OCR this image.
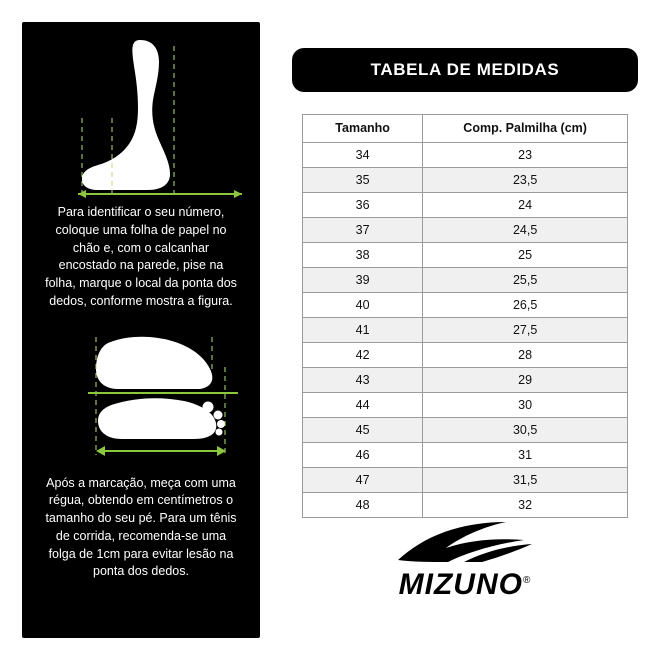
Para identificar o seu número, coloque uma folha de papel no chão e, com o calcanhar encostado na parede, pise na folha, marque o local da ponta dos dedos, conforme mostra a figura.
Após a marcação, meça com uma régua, obtendo em centímetros o tamanho do seu pé. Para um tênis de corrida, recomenda-se uma folga de 1cm para evitar lesão na ponta dos dedos.
TABELA DE MEDIDAS
Tamanho	Comp. Palmilha (cm)
34	23
35	23,5
36	24
37	24,5
38	25
39	25,5
40	26,5
41	27,5
42	28
43	29
44	30
45	30,5
46	31
47	31,5
48	32
MIZUNO®
